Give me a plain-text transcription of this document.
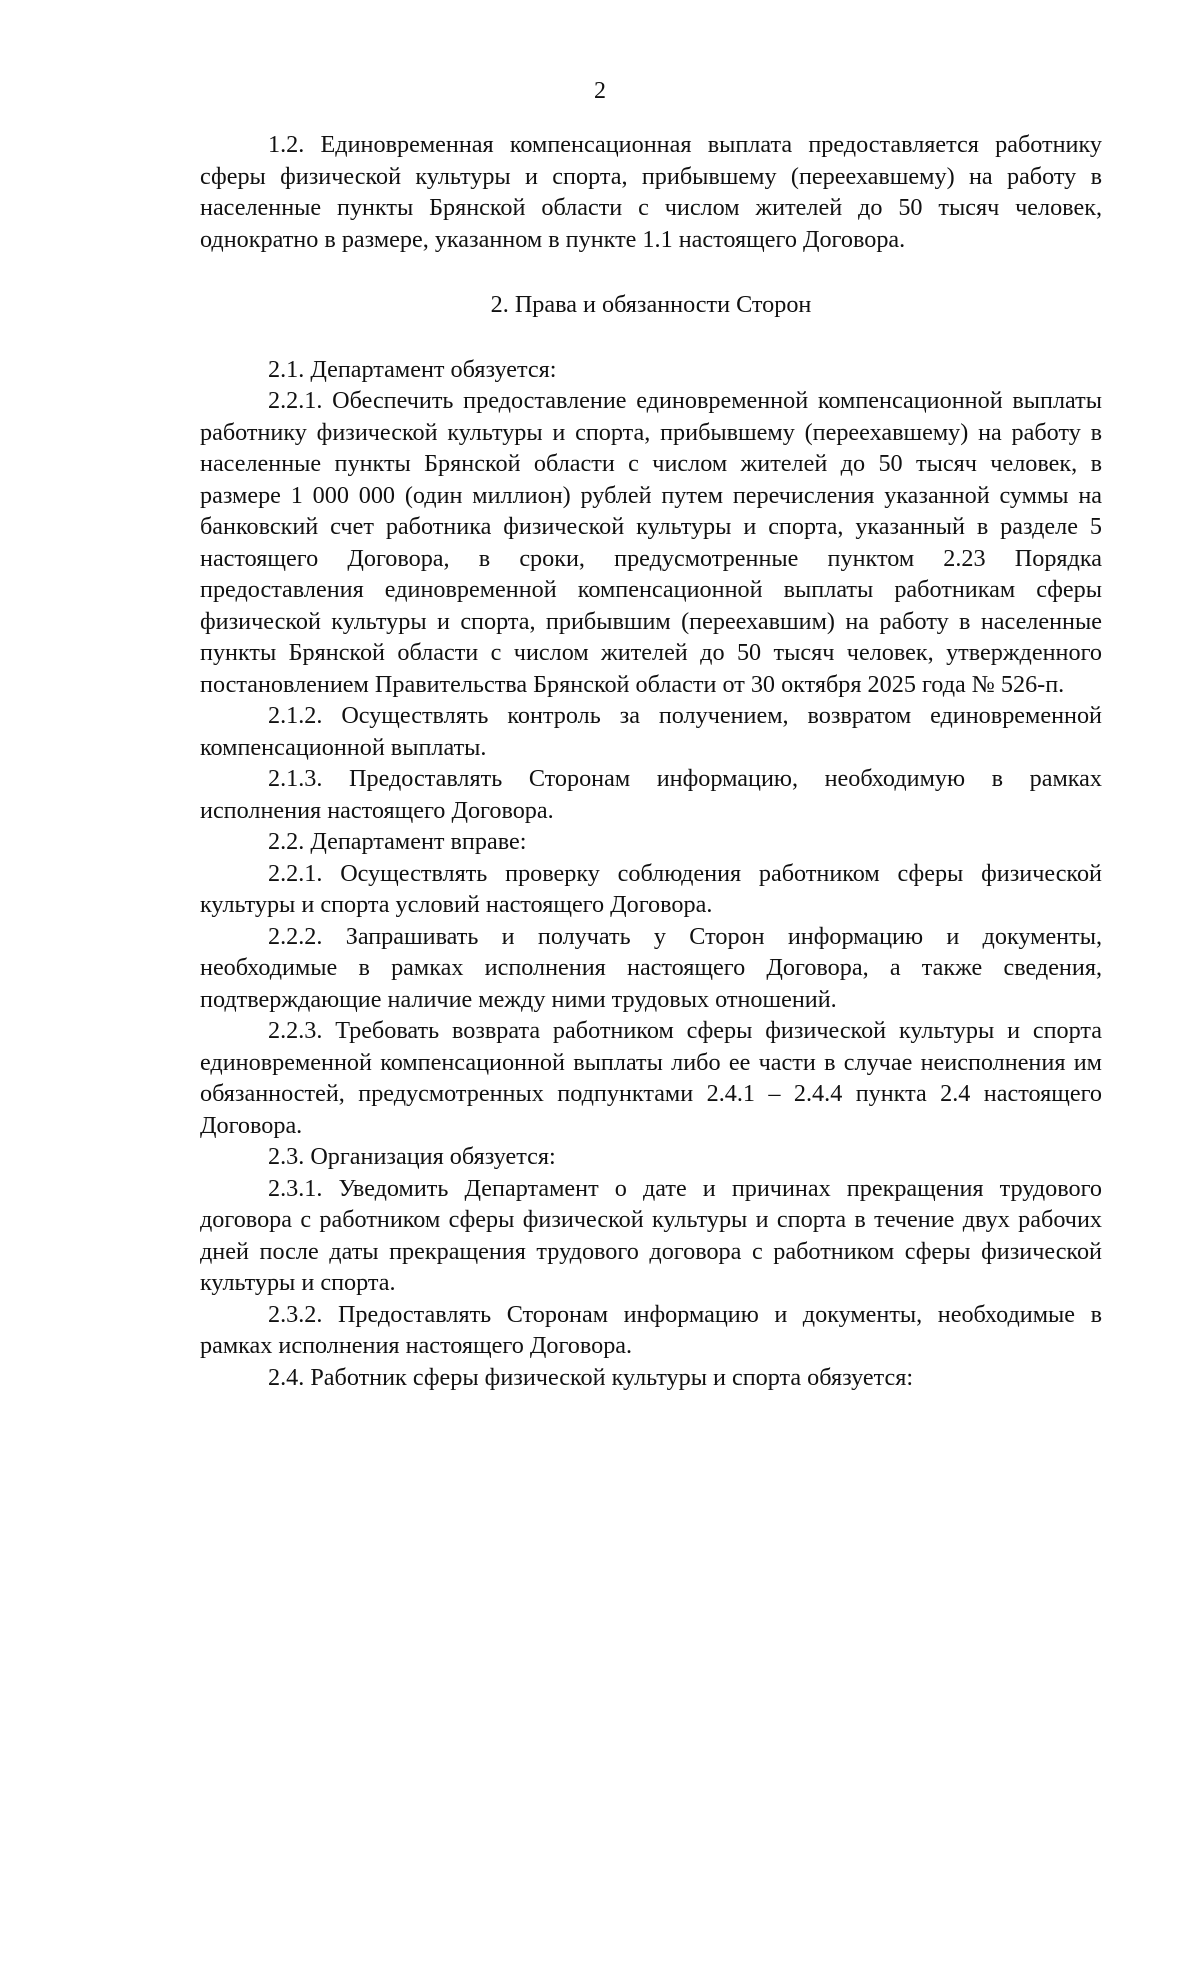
2

1.2. Единовременная компенсационная выплата предоставляется работнику сферы физической культуры и спорта, прибывшему (переехавшему) на работу в населенные пункты Брянской области с числом жителей до 50 тысяч человек, однократно в размере, указанном в пункте 1.1 настоящего Договора.

2. Права и обязанности Сторон

2.1. Департамент обязуется:

2.2.1. Обеспечить предоставление единовременной компенсационной выплаты работнику физической культуры и спорта, прибывшему (переехавшему) на работу в населенные пункты Брянской области с числом жителей до 50 тысяч человек, в размере 1 000 000 (один миллион) рублей путем перечисления указанной суммы на банковский счет работника физической культуры и спорта, указанный в разделе 5 настоящего Договора, в сроки, предусмотренные пунктом 2.23 Порядка предоставления единовременной компенсационной выплаты работникам сферы физической культуры и спорта, прибывшим (переехавшим) на работу в населенные пункты Брянской области с числом жителей до 50 тысяч человек, утвержденного постановлением Правительства Брянской области от 30 октября 2025 года № 526-п.

2.1.2. Осуществлять контроль за получением, возвратом единовременной компенсационной выплаты.

2.1.3. Предоставлять Сторонам информацию, необходимую в рамках исполнения настоящего Договора.

2.2. Департамент вправе:

2.2.1. Осуществлять проверку соблюдения работником сферы физической культуры и спорта условий настоящего Договора.

2.2.2. Запрашивать и получать у Сторон информацию и документы, необходимые в рамках исполнения настоящего Договора, а также сведения, подтверждающие наличие между ними трудовых отношений.

2.2.3. Требовать возврата работником сферы физической культуры и спорта единовременной компенсационной выплаты либо ее части в случае неисполнения им обязанностей, предусмотренных подпунктами 2.4.1 – 2.4.4 пункта 2.4 настоящего Договора.

2.3. Организация обязуется:

2.3.1. Уведомить Департамент о дате и причинах прекращения трудового договора с работником сферы физической культуры и спорта в течение двух рабочих дней после даты прекращения трудового договора с работником сферы физической культуры и спорта.

2.3.2. Предоставлять Сторонам информацию и документы, необходимые в рамках исполнения настоящего Договора.

2.4. Работник сферы физической культуры и спорта обязуется:
